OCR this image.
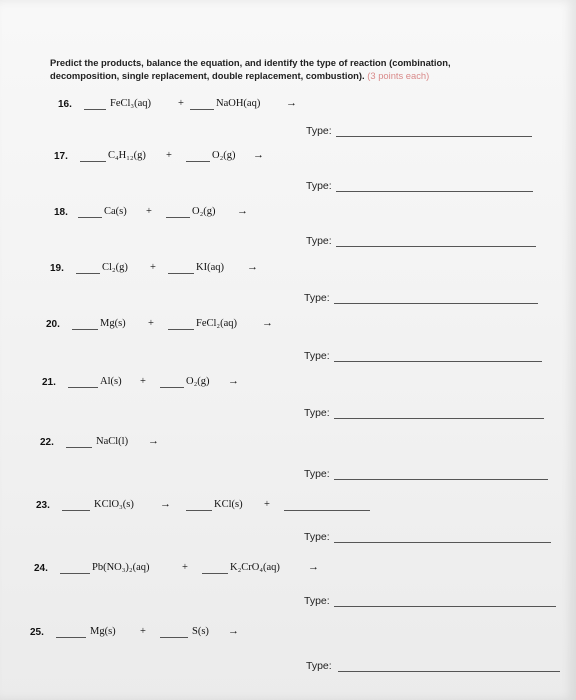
Predict the products, balance the equation, and identify the type of reaction (combination, decomposition, single replacement, double replacement, combustion). (3 points each)
16.	FeCl₃(aq)	+	NaOH(aq) →
Type:
17.	C₄H₁₂(g) +	O₂(g) →
Type:
18.	Ca(s) +	O₂(g) →
Type:
19.	Cl₂(g) +	KI(aq) →
Type:
20.	Mg(s) +	FeCl₂(aq) →
Type:
21.	Al(s) +	O₂(g) →
Type:
22.	NaCl(l) →
Type:
23.	KClO₃(s) →	KCl(s) +
Type:
24.	Pb(NO₃)₂(aq)	+	K₂CrO₄(aq)	→
Type:
25.	Mg(s) +	S(s) →
Type:
